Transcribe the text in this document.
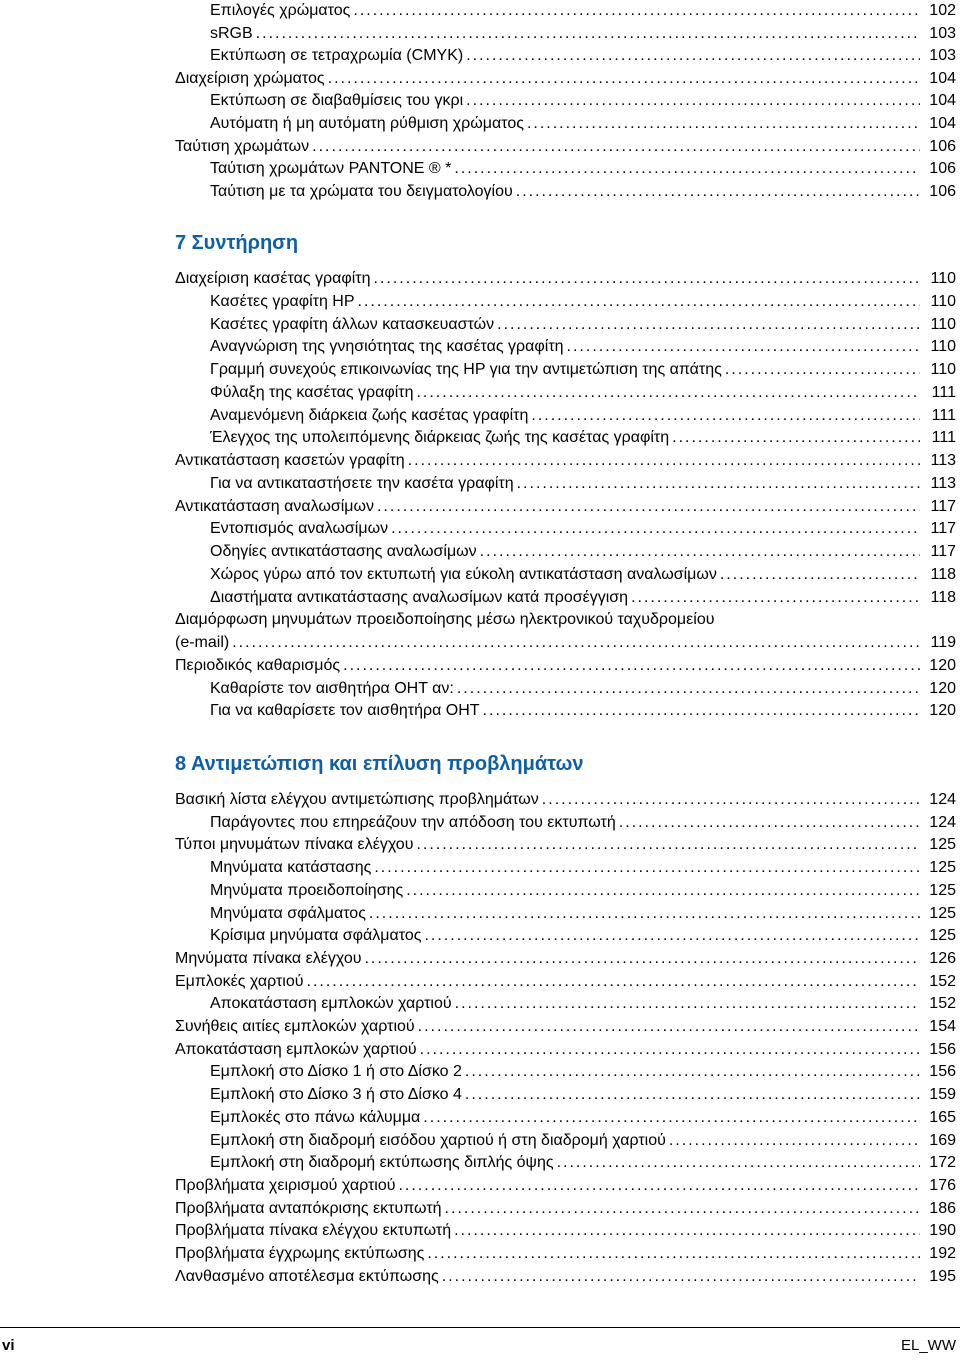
Επιλογές χρώματος .....	102
sRGB .....	103
Εκτύπωση σε τετραχρωμία (CMYK) .....	103
Διαχείριση χρώματος .....	104
Εκτύπωση σε διαβαθμίσεις του γκρι .....	104
Αυτόματη ή μη αυτόματη ρύθμιση χρώματος .....	104
Ταύτιση χρωμάτων .....	106
Ταύτιση χρωμάτων PANTONE ® * .....	106
Ταύτιση με τα χρώματα του δειγματολογίου .....	106
7 Συντήρηση
Διαχείριση κασέτας γραφίτη .....	110
Κασέτες γραφίτη HP .....	110
Κασέτες γραφίτη άλλων κατασκευαστών .....	110
Αναγνώριση της γνησιότητας της κασέτας γραφίτη .....	110
Γραμμή συνεχούς επικοινωνίας της HP για την αντιμετώπιση της απάτης .....	110
Φύλαξη της κασέτας γραφίτη .....	111
Αναμενόμενη διάρκεια ζωής κασέτας γραφίτη .....	111
Έλεγχος της υπολειπόμενης διάρκειας ζωής της κασέτας γραφίτη .....	111
Αντικατάσταση κασετών γραφίτη .....	113
Για να αντικαταστήσετε την κασέτα γραφίτη .....	113
Αντικατάσταση αναλωσίμων .....	117
Εντοπισμός αναλωσίμων .....	117
Οδηγίες αντικατάστασης αναλωσίμων .....	117
Χώρος γύρω από τον εκτυπωτή για εύκολη αντικατάσταση αναλωσίμων .....	118
Διαστήματα αντικατάστασης αναλωσίμων κατά προσέγγιση .....	118
Διαμόρφωση μηνυμάτων προειδοποίησης μέσω ηλεκτρονικού ταχυδρομείου
(e-mail) .....	119
Περιοδικός καθαρισμός .....	120
Καθαρίστε τον αισθητήρα OHT αν: .....	120
Για να καθαρίσετε τον αισθητήρα OHT .....	120
8 Αντιμετώπιση και επίλυση προβλημάτων
Βασική λίστα ελέγχου αντιμετώπισης προβλημάτων .....	124
Παράγοντες που επηρεάζουν την απόδοση του εκτυπωτή .....	124
Τύποι μηνυμάτων πίνακα ελέγχου .....	125
Μηνύματα κατάστασης .....	125
Μηνύματα προειδοποίησης .....	125
Μηνύματα σφάλματος .....	125
Κρίσιμα μηνύματα σφάλματος .....	125
Μηνύματα πίνακα ελέγχου .....	126
Εμπλοκές χαρτιού .....	152
Αποκατάσταση εμπλοκών χαρτιού .....	152
Συνήθεις αιτίες εμπλοκών χαρτιού .....	154
Αποκατάσταση εμπλοκών χαρτιού .....	156
Εμπλοκή στο Δίσκο 1 ή στο Δίσκο 2 .....	156
Εμπλοκή στο Δίσκο 3 ή στο Δίσκο 4 .....	159
Εμπλοκές στο πάνω κάλυμμα .....	165
Εμπλοκή στη διαδρομή εισόδου χαρτιού ή στη διαδρομή χαρτιού .....	169
Εμπλοκή στη διαδρομή εκτύπωσης διπλής όψης .....	172
Προβλήματα χειρισμού χαρτιού .....	176
Προβλήματα ανταπόκρισης εκτυπωτή .....	186
Προβλήματα πίνακα ελέγχου εκτυπωτή .....	190
Προβλήματα έγχρωμης εκτύπωσης .....	192
Λανθασμένο αποτέλεσμα εκτύπωσης .....	195
vi	EL_WW
